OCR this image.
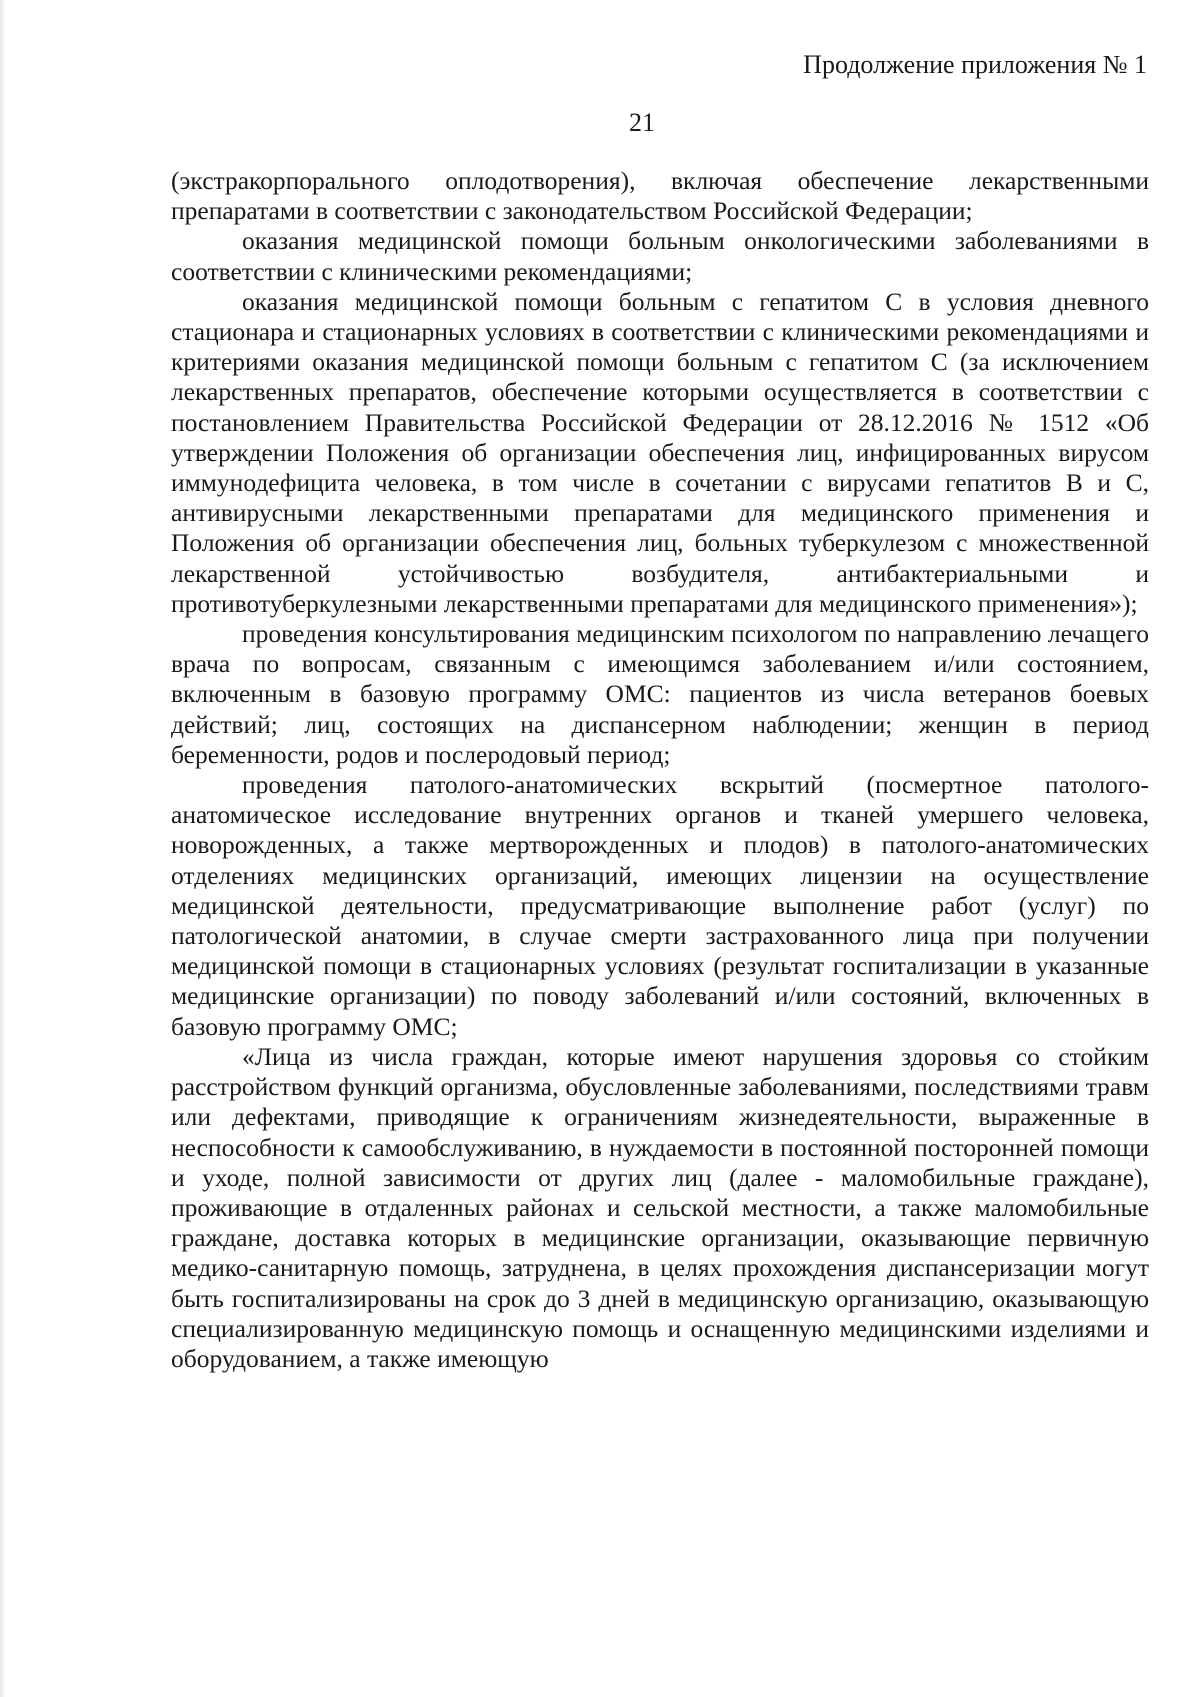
Продолжение приложения № 1
21

(экстракорпорального оплодотворения), включая обеспечение лекарственными препаратами в соответствии с законодательством Российской Федерации;

оказания медицинской помощи больным онкологическими заболеваниями в соответствии с клиническими рекомендациями;

оказания медицинской помощи больным с гепатитом С в условия дневного стационара и стационарных условиях в соответствии с клиническими рекомендациями и критериями оказания медицинской помощи больным с гепатитом С (за исключением лекарственных препаратов, обеспечение которыми осуществляется в соответствии с постановлением Правительства Российской Федерации от 28.12.2016 № 1512 «Об утверждении Положения об организации обеспечения лиц, инфицированных вирусом иммунодефицита человека, в том числе в сочетании с вирусами гепатитов В и С, антивирусными лекарственными препаратами для медицинского применения и Положения об организации обеспечения лиц, больных туберкулезом с множественной лекарственной устойчивостью возбудителя, антибактериальными и противотуберкулезными лекарственными препаратами для медицинского применения»);

проведения консультирования медицинским психологом по направлению лечащего врача по вопросам, связанным с имеющимся заболеванием и/или состоянием, включенным в базовую программу ОМС: пациентов из числа ветеранов боевых действий; лиц, состоящих на диспансерном наблюдении; женщин в период беременности, родов и послеродовый период;

проведения патолого-анатомических вскрытий (посмертное патолого-анатомическое исследование внутренних органов и тканей умершего человека, новорожденных, а также мертворожденных и плодов) в патолого-анатомических отделениях медицинских организаций, имеющих лицензии на осуществление медицинской деятельности, предусматривающие выполнение работ (услуг) по патологической анатомии, в случае смерти застрахованного лица при получении медицинской помощи в стационарных условиях (результат госпитализации в указанные медицинские организации) по поводу заболеваний и/или состояний, включенных в базовую программу ОМС;

«Лица из числа граждан, которые имеют нарушения здоровья со стойким расстройством функций организма, обусловленные заболеваниями, последствиями травм или дефектами, приводящие к ограничениям жизнедеятельности, выраженные в неспособности к самообслуживанию, в нуждаемости в постоянной посторонней помощи и уходе, полной зависимости от других лиц (далее - маломобильные граждане), проживающие в отдаленных районах и сельской местности, а также маломобильные граждане, доставка которых в медицинские организации, оказывающие первичную медико-санитарную помощь, затруднена, в целях прохождения диспансеризации могут быть госпитализированы на срок до 3 дней в медицинскую организацию, оказывающую специализированную медицинскую помощь и оснащенную медицинскими изделиями и оборудованием, а также имеющую
